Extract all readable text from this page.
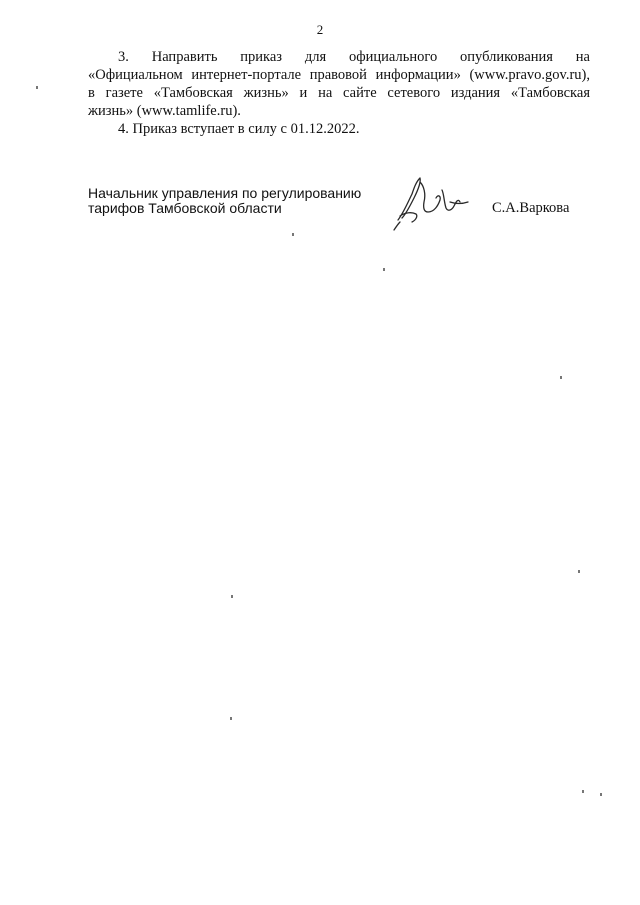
2

3. Направить приказ для официального опубликования на

«Официальном интернет-портале правовой информации» (www.pravo.gov.ru),

в газете «Тамбовская жизнь» и на сайте сетевого издания «Тамбовская

жизнь» (www.tamlife.ru).

4. Приказ вступает в силу с 01.12.2022.

Начальник управления по регулированию
тарифов Тамбовской области	С.А.Варкова
